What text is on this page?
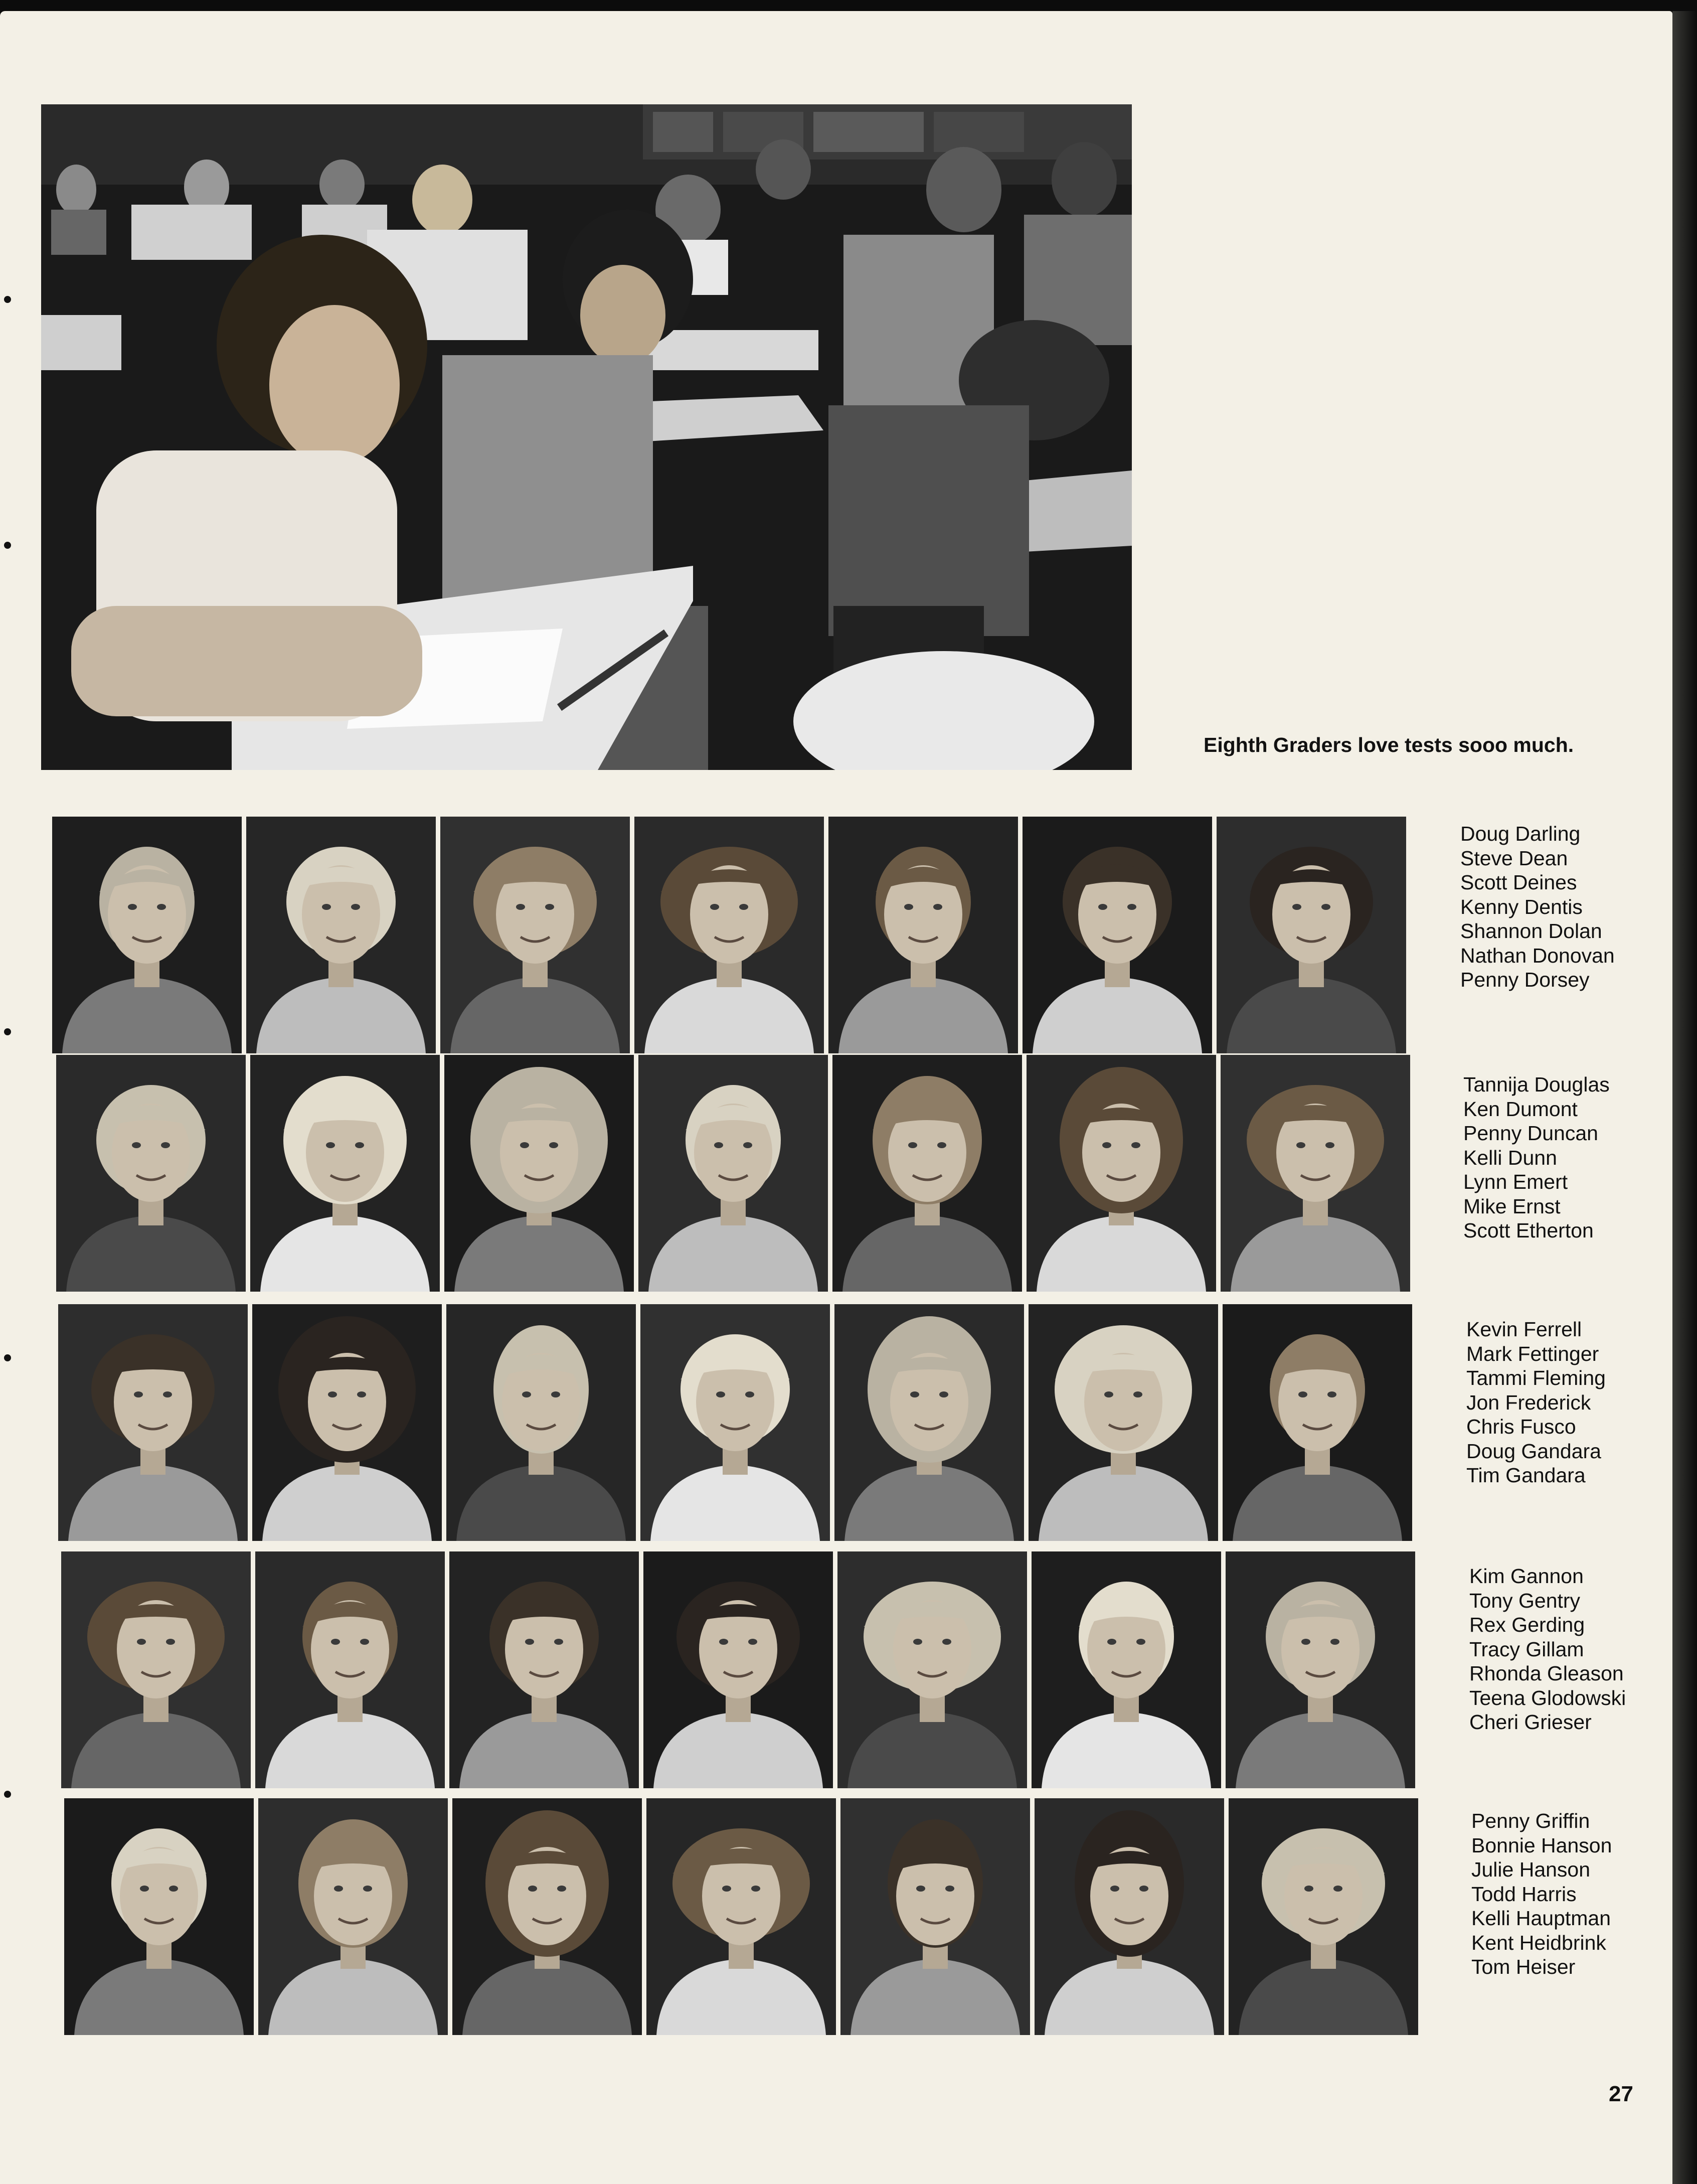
Eighth Graders love tests sooo much.
Doug Darling
Steve Dean
Scott Deines
Kenny Dentis
Shannon Dolan
Nathan Donovan
Penny Dorsey
Tannija Douglas
Ken Dumont
Penny Duncan
Kelli Dunn
Lynn Emert
Mike Ernst
Scott Etherton
Kevin Ferrell
Mark Fettinger
Tammi Fleming
Jon Frederick
Chris Fusco
Doug Gandara
Tim Gandara
Kim Gannon
Tony Gentry
Rex Gerding
Tracy Gillam
Rhonda Gleason
Teena Glodowski
Cheri Grieser
Penny Griffin
Bonnie Hanson
Julie Hanson
Todd Harris
Kelli Hauptman
Kent Heidbrink
Tom Heiser
27
